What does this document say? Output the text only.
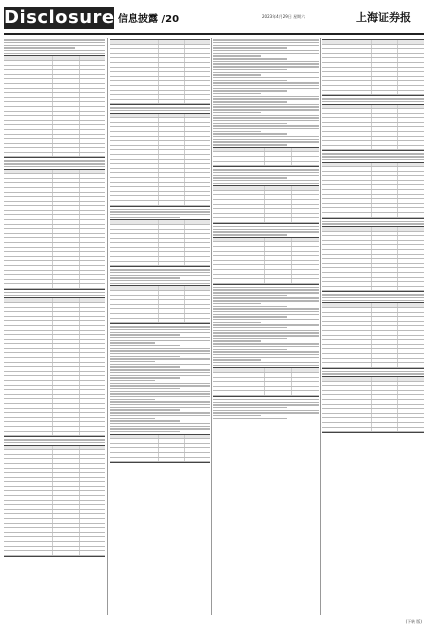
Disclosure 信息披露 /20	2023年4月29日 星期六	上海证券报
(下转 版)
